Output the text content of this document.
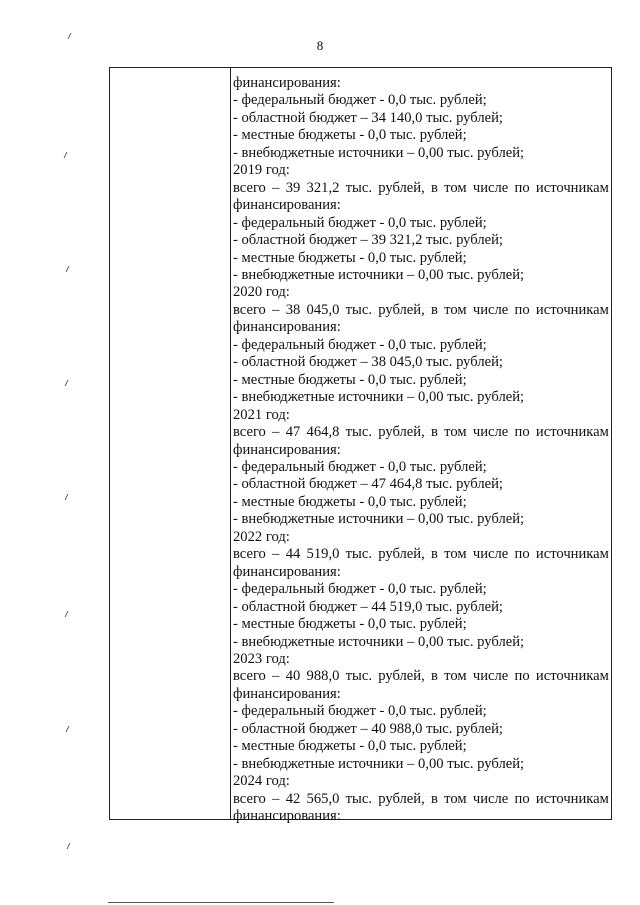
8
финансирования:
- федеральный бюджет - 0,0 тыс. рублей;
- областной бюджет – 34 140,0 тыс. рублей;
- местные бюджеты - 0,0 тыс. рублей;
- внебюджетные источники – 0,00 тыс. рублей;
2019 год:
всего – 39 321,2 тыс. рублей, в том числе по источникам
финансирования:
- федеральный бюджет - 0,0 тыс. рублей;
- областной бюджет – 39 321,2 тыс. рублей;
- местные бюджеты - 0,0 тыс. рублей;
- внебюджетные источники – 0,00 тыс. рублей;
2020 год:
всего – 38 045,0 тыс. рублей, в том числе по источникам
финансирования:
- федеральный бюджет - 0,0 тыс. рублей;
- областной бюджет – 38 045,0 тыс. рублей;
- местные бюджеты - 0,0 тыс. рублей;
- внебюджетные источники – 0,00 тыс. рублей;
2021 год:
всего – 47 464,8 тыс. рублей, в том числе по источникам
финансирования:
- федеральный бюджет - 0,0 тыс. рублей;
- областной бюджет – 47 464,8 тыс. рублей;
- местные бюджеты - 0,0 тыс. рублей;
- внебюджетные источники – 0,00 тыс. рублей;
2022 год:
всего – 44 519,0 тыс. рублей, в том числе по источникам
финансирования:
- федеральный бюджет - 0,0 тыс. рублей;
- областной бюджет – 44 519,0 тыс. рублей;
- местные бюджеты - 0,0 тыс. рублей;
- внебюджетные источники – 0,00 тыс. рублей;
2023 год:
всего – 40 988,0 тыс. рублей, в том числе по источникам
финансирования:
- федеральный бюджет - 0,0 тыс. рублей;
- областной бюджет – 40 988,0 тыс. рублей;
- местные бюджеты - 0,0 тыс. рублей;
- внебюджетные источники – 0,00 тыс. рублей;
2024 год:
всего – 42 565,0 тыс. рублей, в том числе по источникам
финансирования:
